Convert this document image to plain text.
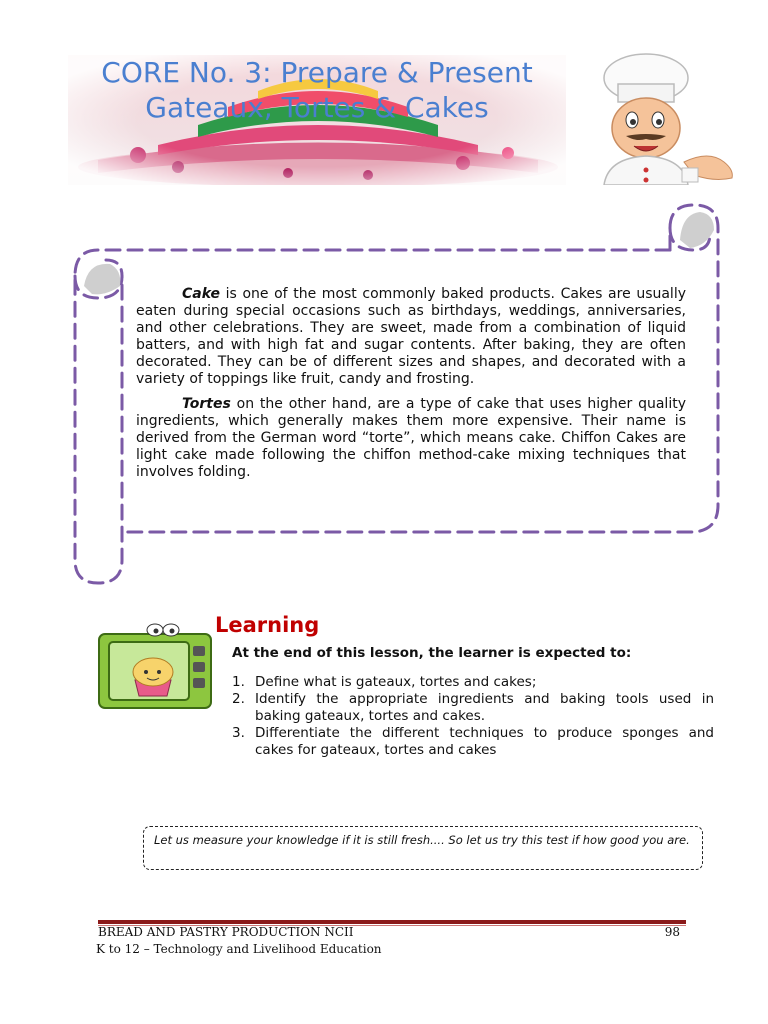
CORE No. 3: Prepare & Present Gateaux, Tortes & Cakes

Cake is one of the most commonly baked products. Cakes are usually eaten during special occasions such as birthdays, weddings, anniversaries, and other celebrations. They are sweet, made from a combination of liquid batters, and with high fat and sugar contents. After baking, they are often decorated. They can be of different sizes and shapes, and decorated with a variety of toppings like fruit, candy and frosting.

Tortes on the other hand, are a type of cake that uses higher quality ingredients, which generally makes them more expensive. Their name is derived from the German word “torte”, which means cake. Chiffon Cakes are light cake made following the chiffon method-cake mixing techniques that involves folding.

Learning

At the end of this lesson, the learner is expected to:

1. Define what is gateaux, tortes and cakes;
2. Identify the appropriate ingredients and baking tools used in baking gateaux, tortes and cakes.
3. Differentiate the different techniques to produce sponges and cakes for gateaux, tortes and cakes
Let us measure your knowledge if it is still fresh.... So let us try this test if how good you are.
BREAD AND PASTRY PRODUCTION NCII	98
K to 12 – Technology and Livelihood Education
